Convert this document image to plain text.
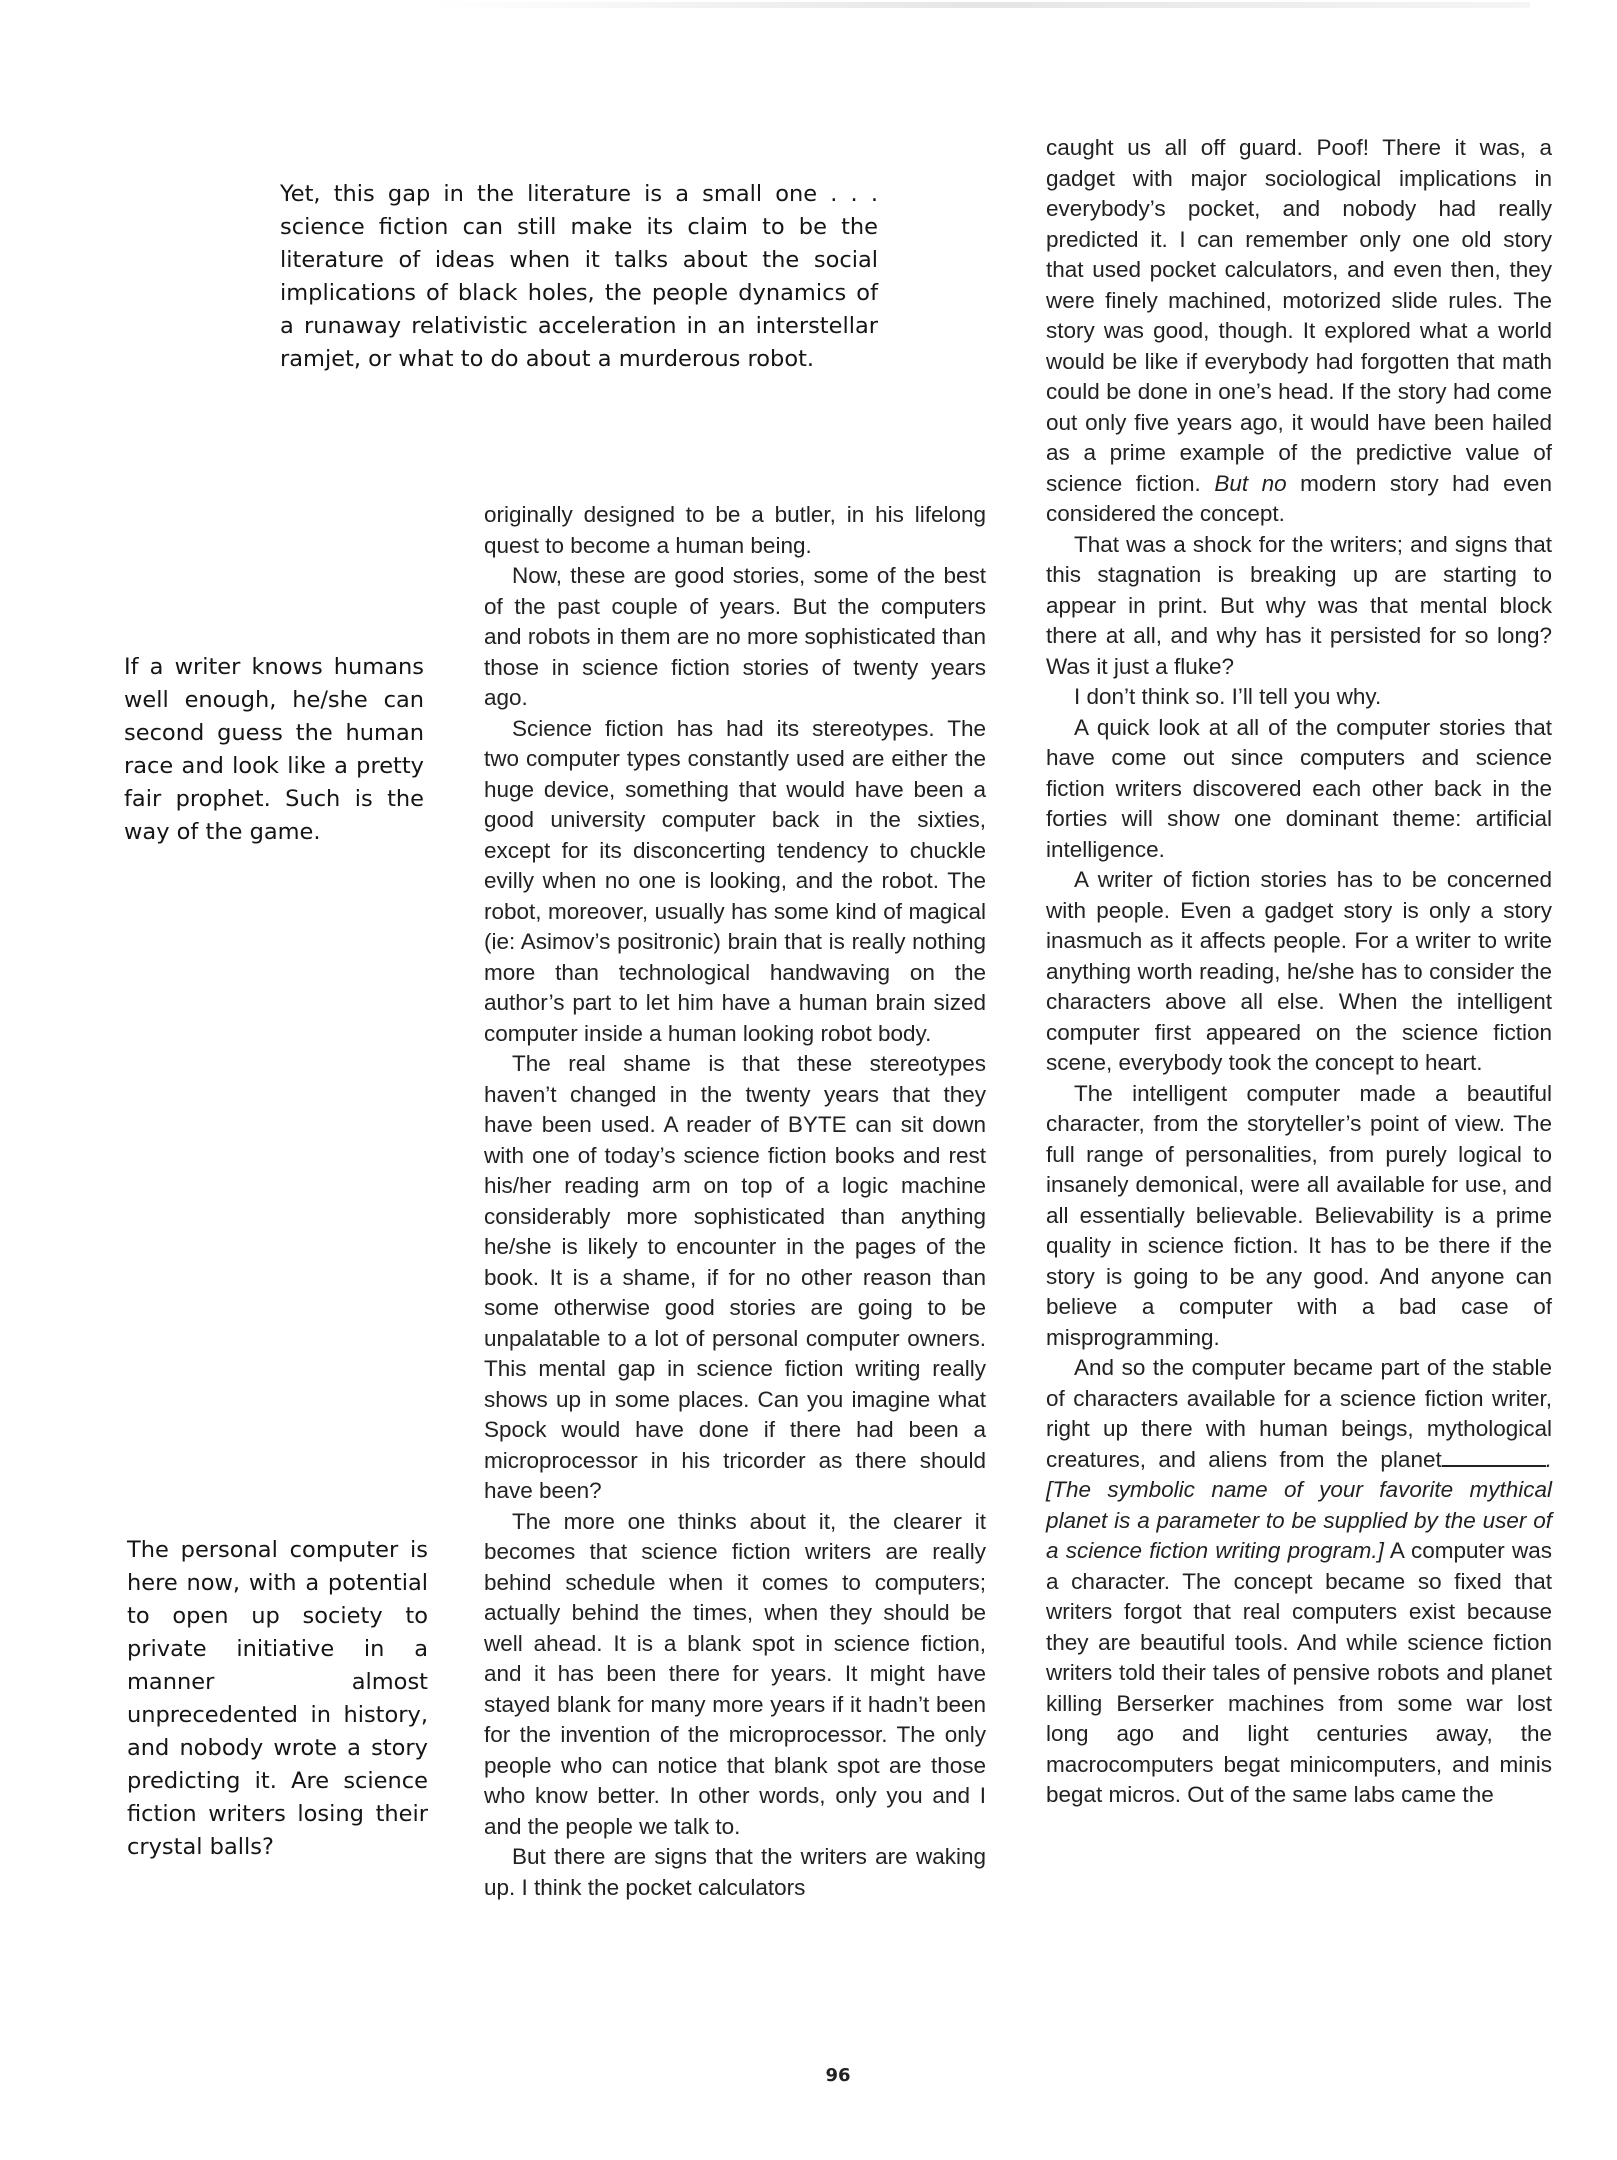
Yet, this gap in the literature is a small one . . . science fiction can still make its claim to be the literature of ideas when it talks about the social implications of black holes, the people dynamics of a runaway relativistic acceleration in an interstellar ramjet, or what to do about a murderous robot.
If a writer knows humans well enough, he/she can second guess the human race and look like a pretty fair prophet. Such is the way of the game.
The personal computer is here now, with a potential to open up society to private initiative in a manner almost unprecedented in history, and nobody wrote a story predicting it. Are science fiction writers losing their crystal balls?

originally designed to be a butler, in his lifelong quest to become a human being.

Now, these are good stories, some of the best of the past couple of years. But the computers and robots in them are no more sophisticated than those in science fiction stories of twenty years ago.

Science fiction has had its stereotypes. The two computer types constantly used are either the huge device, something that would have been a good university computer back in the sixties, except for its disconcerting tendency to chuckle evilly when no one is looking, and the robot. The robot, moreover, usually has some kind of magical (ie: Asimov’s positronic) brain that is really nothing more than technological handwaving on the author’s part to let him have a human brain sized computer inside a human looking robot body.

The real shame is that these stereotypes haven’t changed in the twenty years that they have been used. A reader of BYTE can sit down with one of today’s science fiction books and rest his/her reading arm on top of a logic machine considerably more sophisticated than anything he/she is likely to encounter in the pages of the book. It is a shame, if for no other reason than some otherwise good stories are going to be unpalatable to a lot of personal computer owners. This mental gap in science fiction writing really shows up in some places. Can you imagine what Spock would have done if there had been a microprocessor in his tricorder as there should have been?

The more one thinks about it, the clearer it becomes that science fiction writers are really behind schedule when it comes to computers; actually behind the times, when they should be well ahead. It is a blank spot in science fiction, and it has been there for years. It might have stayed blank for many more years if it hadn’t been for the invention of the microprocessor. The only people who can notice that blank spot are those who know better. In other words, only you and I and the people we talk to.

But there are signs that the writers are waking up. I think the pocket calculators

caught us all off guard. Poof! There it was, a gadget with major sociological implications in everybody’s pocket, and nobody had really predicted it. I can remember only one old story that used pocket calculators, and even then, they were finely machined, motorized slide rules. The story was good, though. It explored what a world would be like if everybody had forgotten that math could be done in one’s head. If the story had come out only five years ago, it would have been hailed as a prime example of the predictive value of science fiction. But no modern story had even considered the concept.

That was a shock for the writers; and signs that this stagnation is breaking up are starting to appear in print. But why was that mental block there at all, and why has it persisted for so long? Was it just a fluke?

I don’t think so. I’ll tell you why.

A quick look at all of the computer stories that have come out since computers and science fiction writers discovered each other back in the forties will show one dominant theme: artificial intelligence.

A writer of fiction stories has to be concerned with people. Even a gadget story is only a story inasmuch as it affects people. For a writer to write anything worth reading, he/she has to consider the characters above all else. When the intelligent computer first appeared on the science fiction scene, everybody took the concept to heart.

The intelligent computer made a beautiful character, from the storyteller’s point of view. The full range of personalities, from purely logical to insanely demonical, were all available for use, and all essentially believable. Believability is a prime quality in science fiction. It has to be there if the story is going to be any good. And anyone can believe a computer with a bad case of misprogramming.

And so the computer became part of the stable of characters available for a science fiction writer, right up there with human beings, mythological creatures, and aliens from the planet	. [The symbolic name of your favorite mythical planet is a parameter to be supplied by the user of a science fiction writing program.] A computer was a character. The concept became so fixed that writers forgot that real computers exist because they are beautiful tools. And while science fiction writers told their tales of pensive robots and planet killing Berserker machines from some war lost long ago and light centuries away, the macrocomputers begat minicomputers, and minis begat micros. Out of the same labs came the

96
